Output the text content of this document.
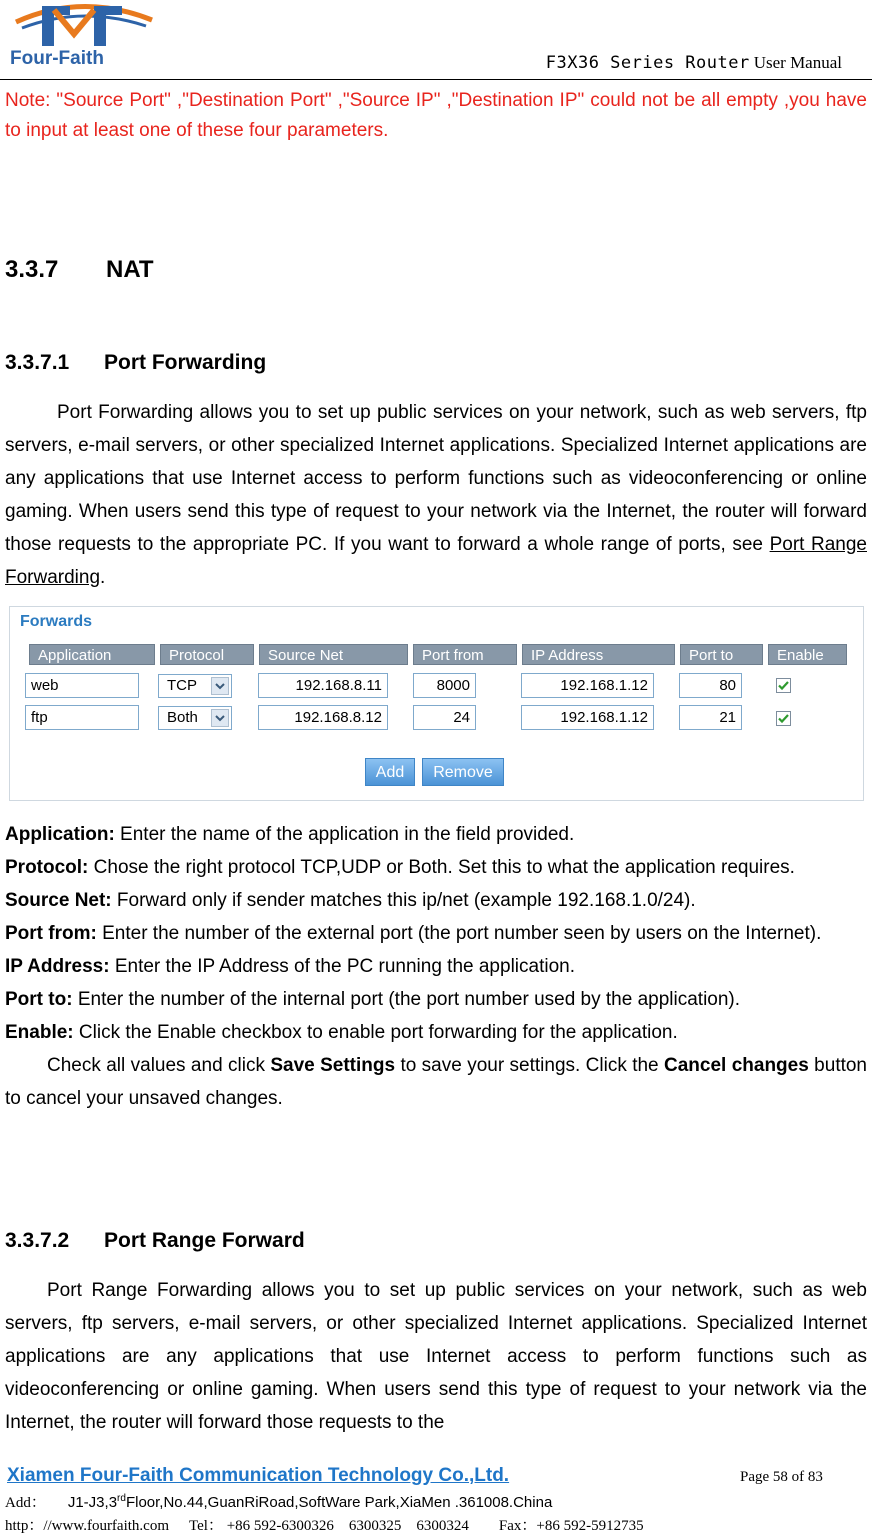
Four-Faith	F3X36 Series Router User Manual
Note: "Source Port" ,"Destination Port" ,"Source IP" ,"Destination IP" could not be all empty ,you have to input at least one of these four parameters.
3.3.7 NAT
3.3.7.1 Port Forwarding
Port Forwarding allows you to set up public services on your network, such as web servers, ftp servers, e-mail servers, or other specialized Internet applications. Specialized Internet applications are any applications that use Internet access to perform functions such as videoconferencing or online gaming. When users send this type of request to your network via the Internet, the router will forward those requests to the appropriate PC. If you want to forward a whole range of ports, see Port Range Forwarding.
Forwards
Application	Protocol	Source Net	Port from	IP Address	Port to	Enable
web	TCP	192.168.8.11	8000	192.168.1.12	80
ftp	Both	192.168.8.12	24	192.168.1.12	21
Add	Remove
Application: Enter the name of the application in the field provided.
Protocol: Chose the right protocol TCP,UDP or Both. Set this to what the application requires.
Source Net: Forward only if sender matches this ip/net (example 192.168.1.0/24).
Port from: Enter the number of the external port (the port number seen by users on the Internet).
IP Address: Enter the IP Address of the PC running the application.
Port to: Enter the number of the internal port (the port number used by the application).
Enable: Click the Enable checkbox to enable port forwarding for the application.
Check all values and click Save Settings to save your settings. Click the Cancel changes button to cancel your unsaved changes.
3.3.7.2 Port Range Forward
Port Range Forwarding allows you to set up public services on your network, such as web servers, ftp servers, e-mail servers, or other specialized Internet applications. Specialized Internet applications are any applications that use Internet access to perform functions such as videoconferencing or online gaming. When users send this type of request to your network via the Internet, the router will forward those requests to the
Xiamen Four-Faith Communication Technology Co.,Ltd.	Page 58 of 83
Add： J1-J3,3rdFloor,No.44,GuanRiRoad,SoftWare Park,XiaMen .361008.China
http：//www.fourfaith.com Tel： +86 592-6300326　6300325　6300324 Fax：+86 592-5912735
